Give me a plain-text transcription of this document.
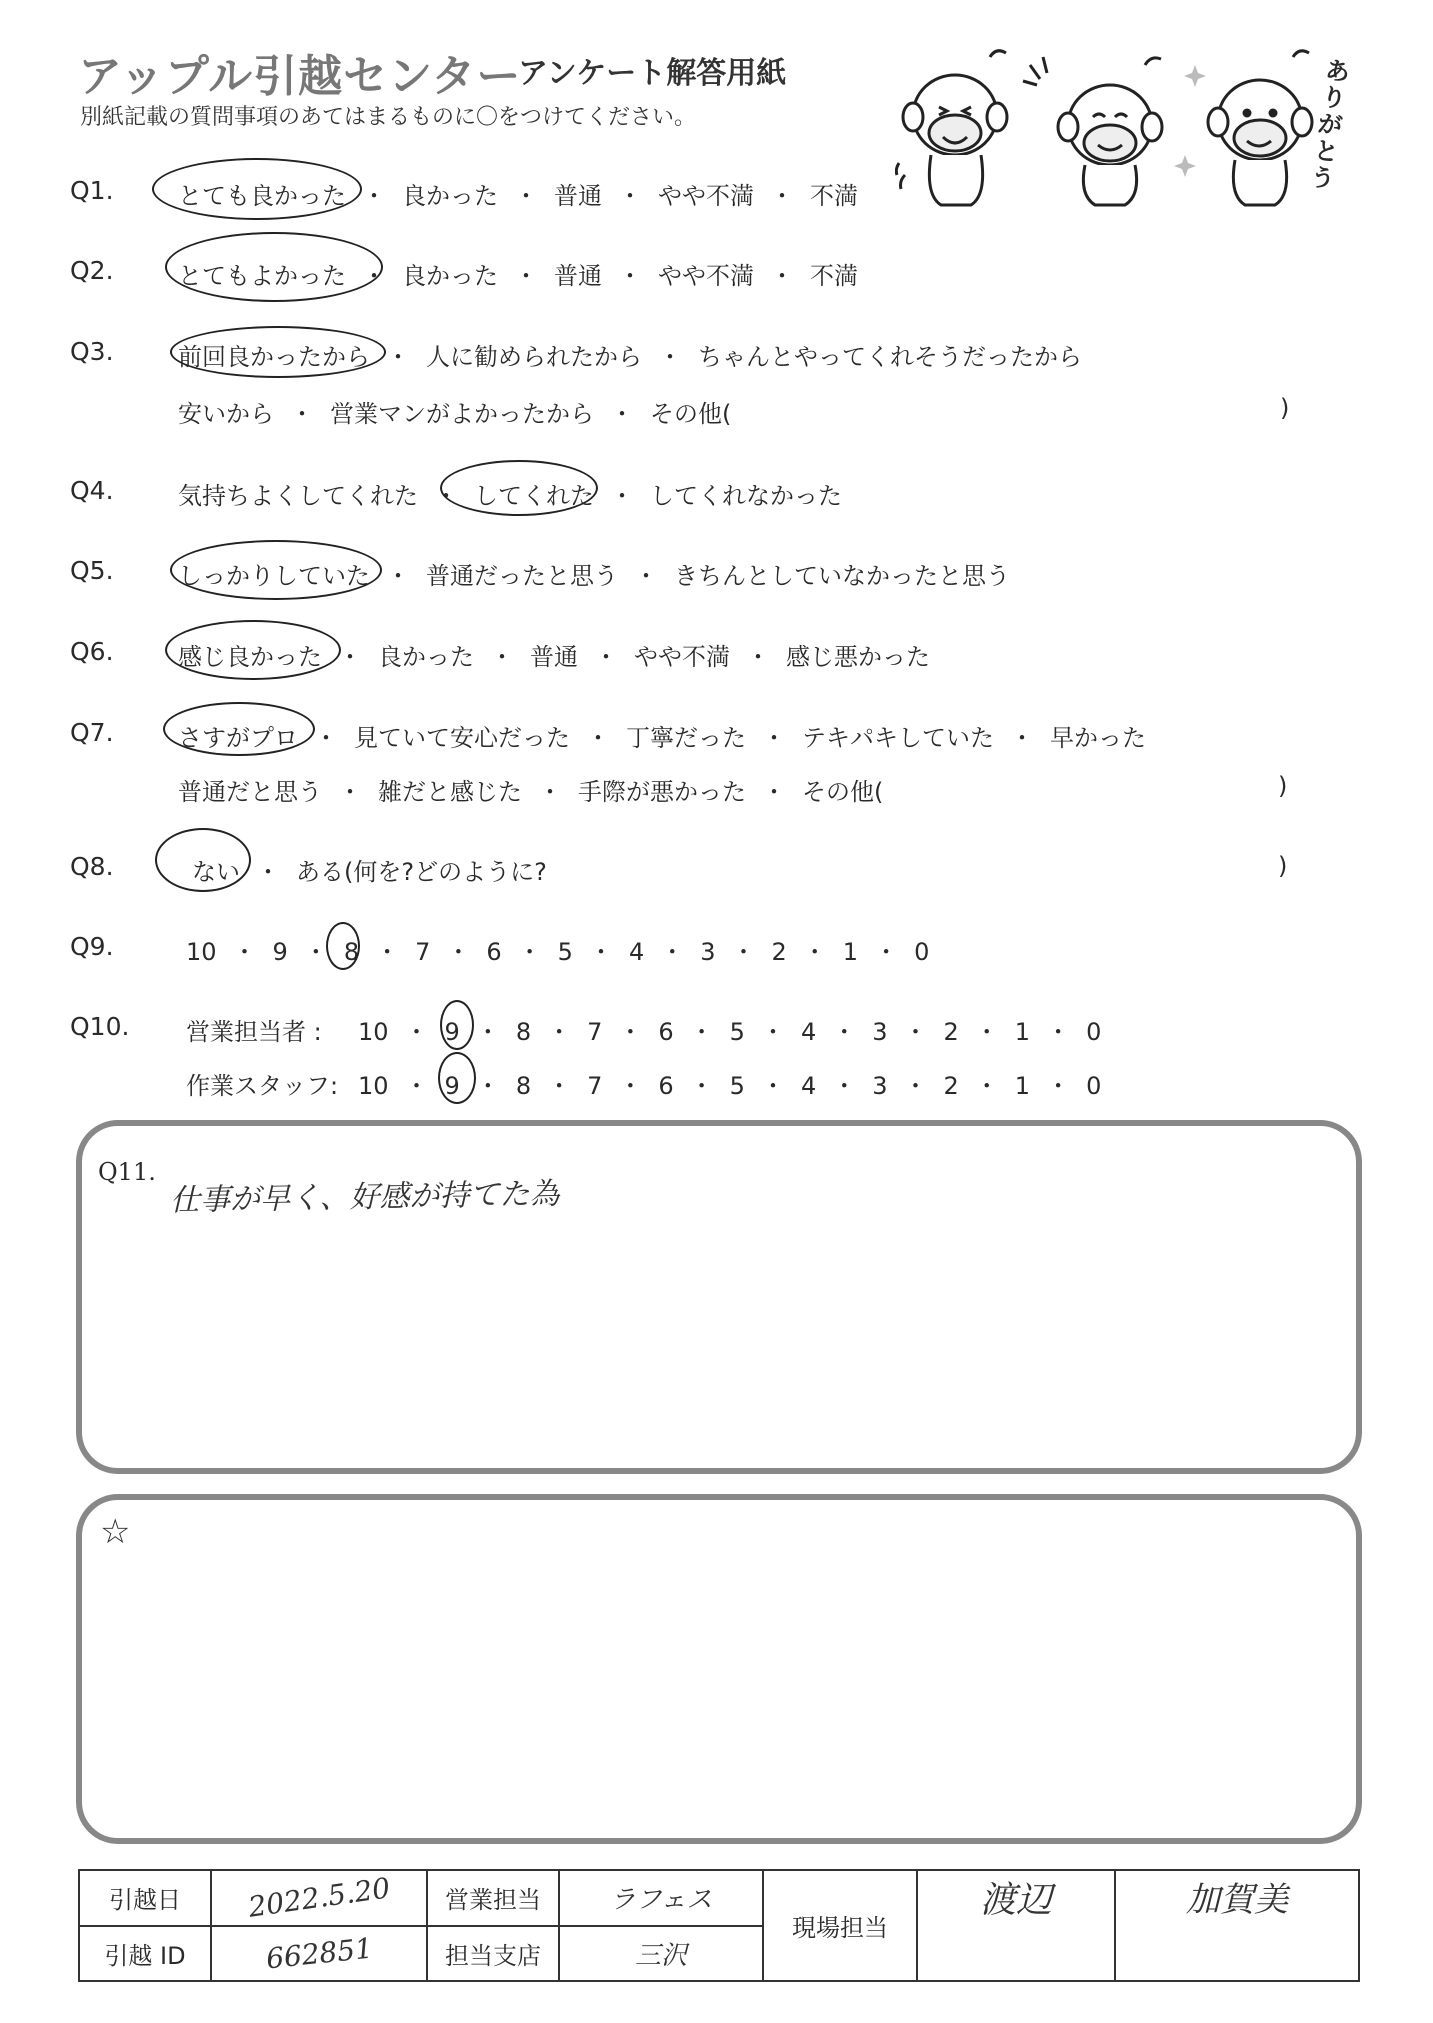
アップル引越センター
アンケート解答用紙
別紙記載の質問事項のあてはまるものに〇をつけてください。
ありがとう
Q1.	とても良かった ・ 良かった ・ 普通 ・ やや不満 ・ 不満
Q2.	とてもよかった ・ 良かった ・ 普通 ・ やや不満 ・ 不満
Q3.	前回良かったから ・ 人に勧められたから ・ ちゃんとやってくれそうだったから
安いから ・ 営業マンがよかったから ・ その他(	)
Q4.	気持ちよくしてくれた ・ してくれた ・ してくれなかった
Q5.	しっかりしていた ・ 普通だったと思う ・ きちんとしていなかったと思う
Q6.	感じ良かった ・ 良かった ・ 普通 ・ やや不満 ・ 感じ悪かった
Q7.	さすがプロ ・ 見ていて安心だった ・ 丁寧だった ・ テキパキしていた ・ 早かった
普通だと思う ・ 雑だと感じた ・ 手際が悪かった ・ その他(	)
Q8.	ない ・ ある(何を?どのように?	)
Q9.	10 ・ 9 ・ 8 ・ 7 ・ 6 ・ 5 ・ 4 ・ 3 ・ 2 ・ 1 ・ 0
Q10. 営業担当者 : 10 ・ 9 ・ 8 ・ 7 ・ 6 ・ 5 ・ 4 ・ 3 ・ 2 ・ 1 ・ 0
作業スタッフ: 10 ・ 9 ・ 8 ・ 7 ・ 6 ・ 5 ・ 4 ・ 3 ・ 2 ・ 1 ・ 0
Q11.
仕事が早く、好感が持てた為
☆
引越日	2022.5.20	営業担当	ラフェス	現場担当	渡辺	加賀美
引越 ID	662851	担当支店	三沢			
